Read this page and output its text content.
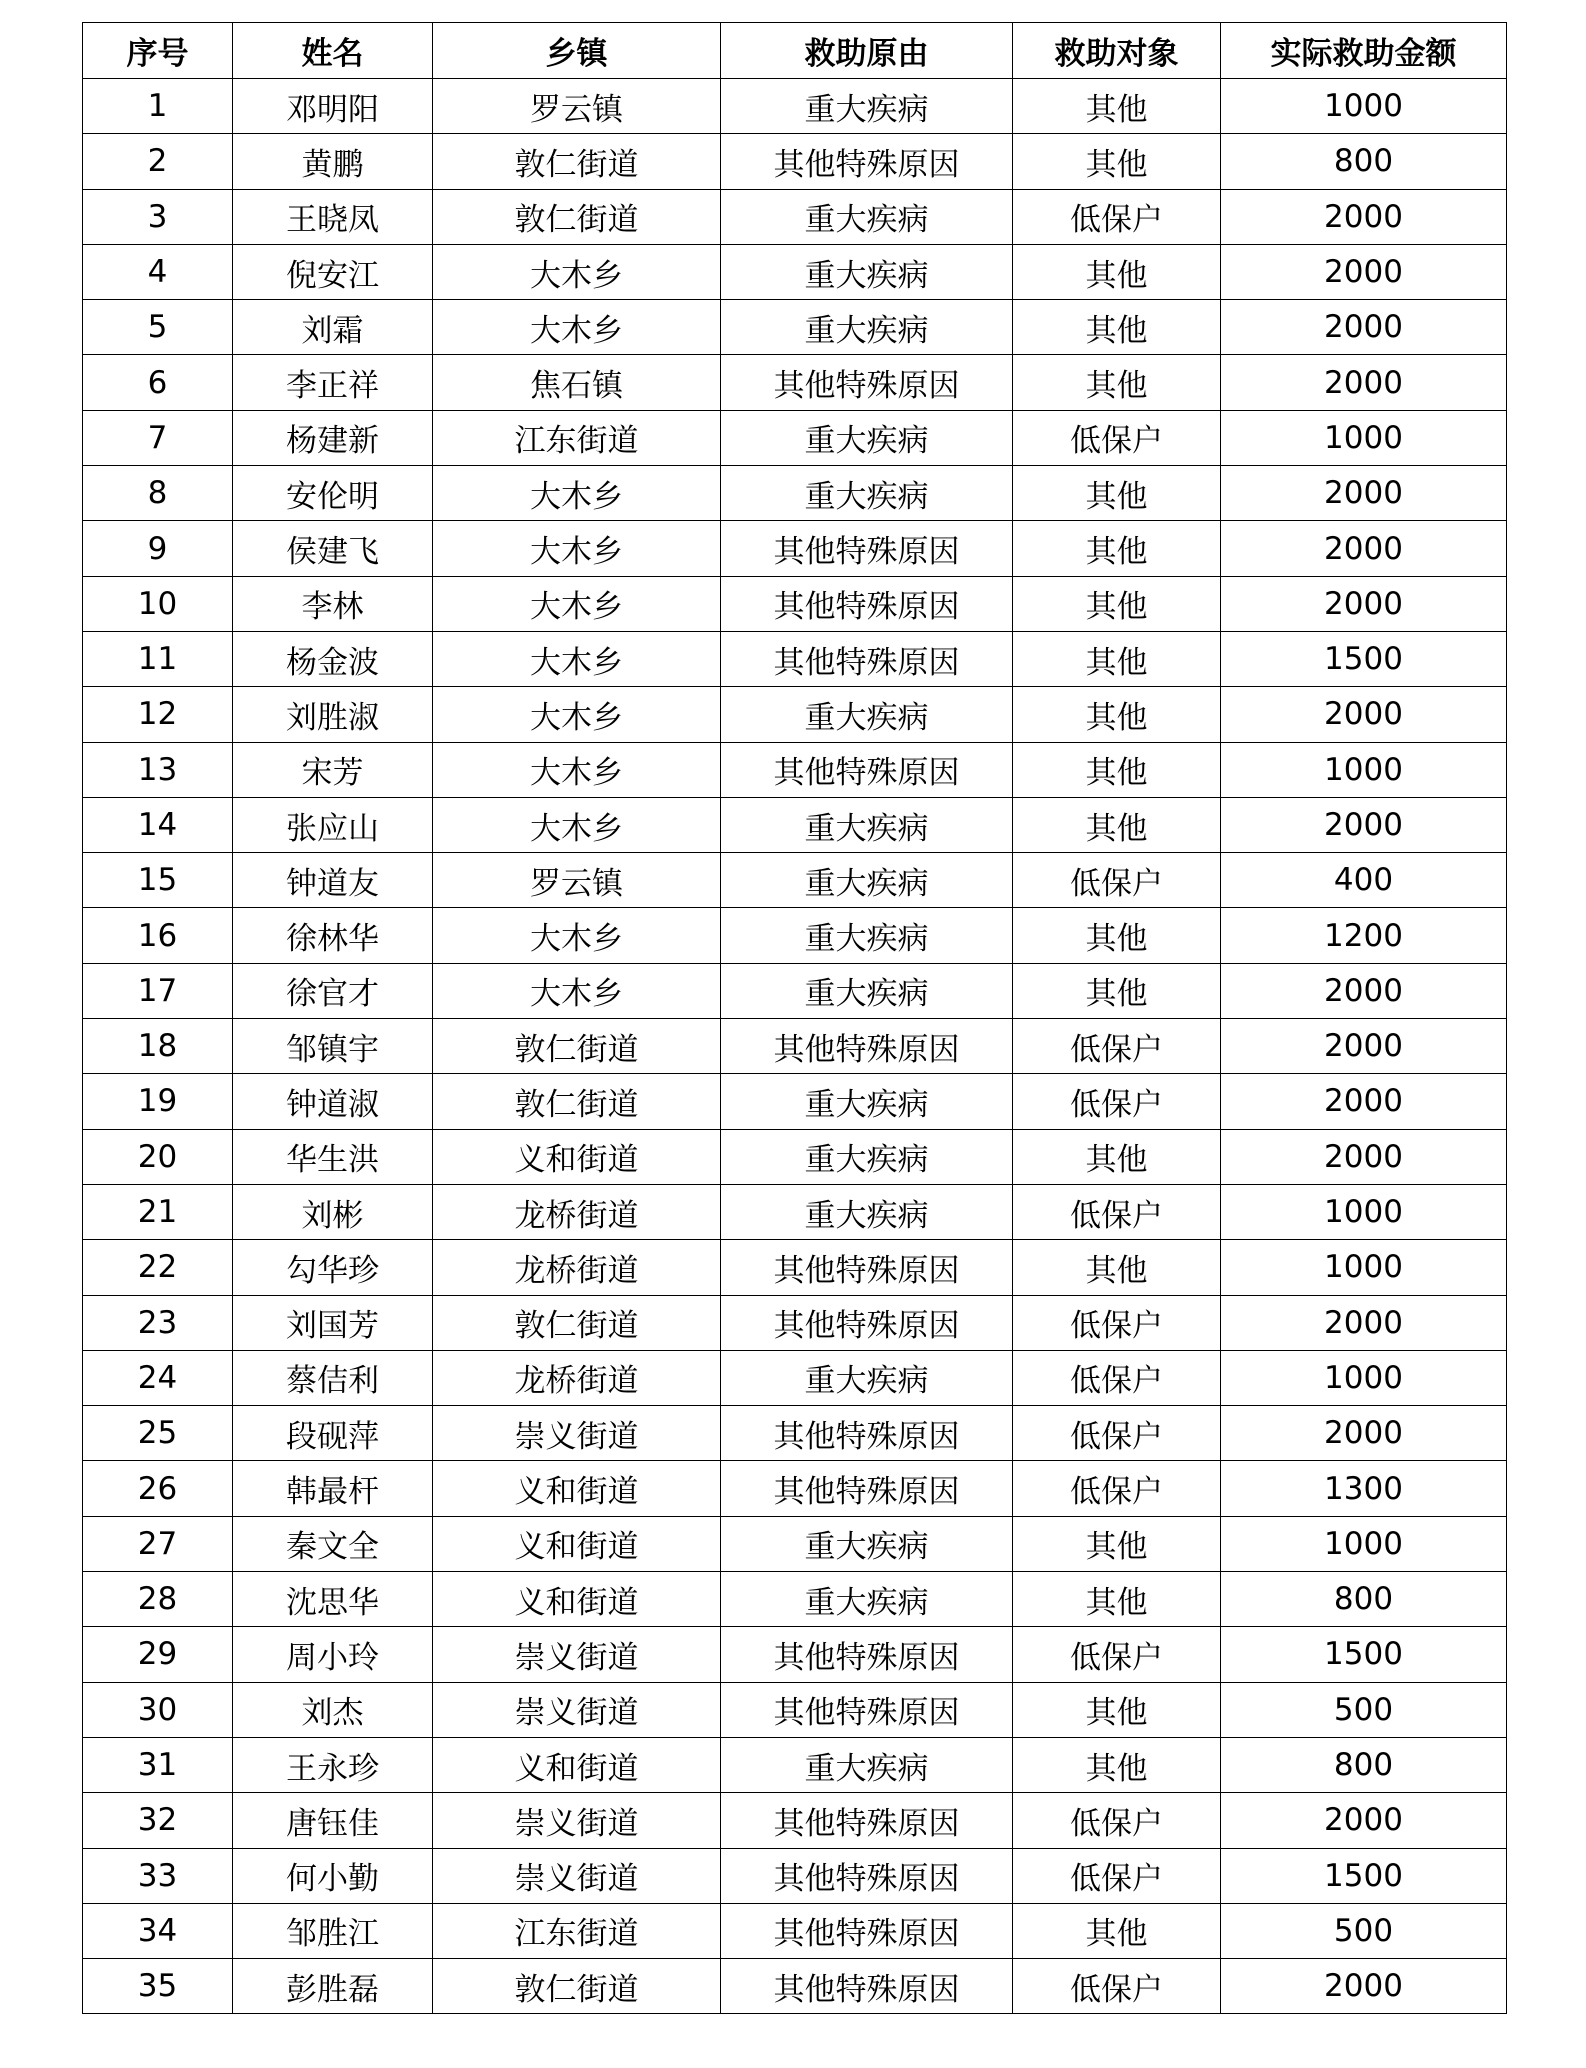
序号	姓名	乡镇	救助原由	救助对象	实际救助金额
1	邓明阳	罗云镇	重大疾病	其他	1000
2	黄鹏	敦仁街道	其他特殊原因	其他	800
3	王晓凤	敦仁街道	重大疾病	低保户	2000
4	倪安江	大木乡	重大疾病	其他	2000
5	刘霜	大木乡	重大疾病	其他	2000
6	李正祥	焦石镇	其他特殊原因	其他	2000
7	杨建新	江东街道	重大疾病	低保户	1000
8	安伦明	大木乡	重大疾病	其他	2000
9	侯建飞	大木乡	其他特殊原因	其他	2000
10	李林	大木乡	其他特殊原因	其他	2000
11	杨金波	大木乡	其他特殊原因	其他	1500
12	刘胜淑	大木乡	重大疾病	其他	2000
13	宋芳	大木乡	其他特殊原因	其他	1000
14	张应山	大木乡	重大疾病	其他	2000
15	钟道友	罗云镇	重大疾病	低保户	400
16	徐林华	大木乡	重大疾病	其他	1200
17	徐官才	大木乡	重大疾病	其他	2000
18	邹镇宇	敦仁街道	其他特殊原因	低保户	2000
19	钟道淑	敦仁街道	重大疾病	低保户	2000
20	华生洪	义和街道	重大疾病	其他	2000
21	刘彬	龙桥街道	重大疾病	低保户	1000
22	勾华珍	龙桥街道	其他特殊原因	其他	1000
23	刘国芳	敦仁街道	其他特殊原因	低保户	2000
24	蔡佶利	龙桥街道	重大疾病	低保户	1000
25	段砚萍	崇义街道	其他特殊原因	低保户	2000
26	韩最杆	义和街道	其他特殊原因	低保户	1300
27	秦文全	义和街道	重大疾病	其他	1000
28	沈思华	义和街道	重大疾病	其他	800
29	周小玲	崇义街道	其他特殊原因	低保户	1500
30	刘杰	崇义街道	其他特殊原因	其他	500
31	王永珍	义和街道	重大疾病	其他	800
32	唐钰佳	崇义街道	其他特殊原因	低保户	2000
33	何小勤	崇义街道	其他特殊原因	低保户	1500
34	邹胜江	江东街道	其他特殊原因	其他	500
35	彭胜磊	敦仁街道	其他特殊原因	低保户	2000
